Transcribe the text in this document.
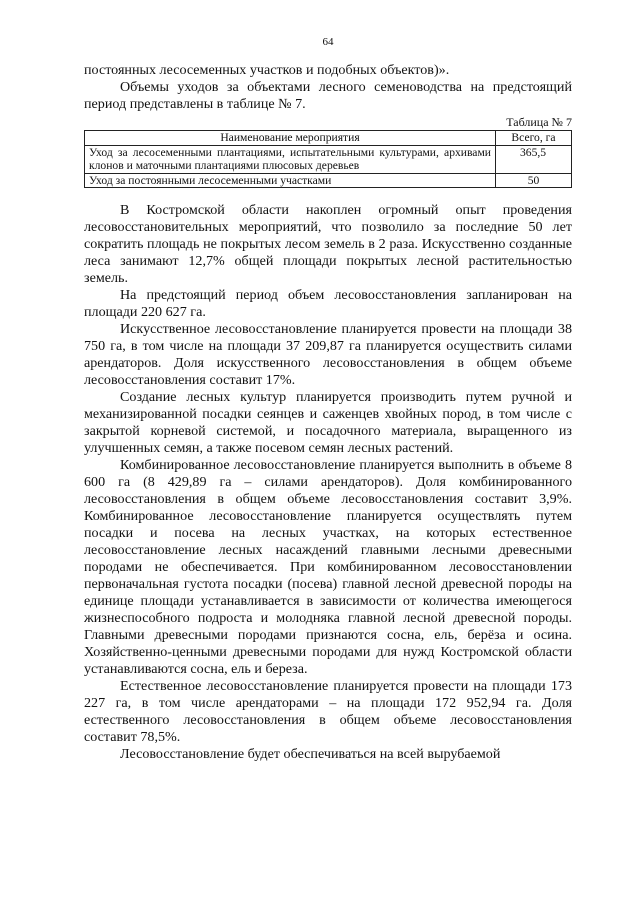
64

постоянных лесосеменных участков и подобных объектов)».

Объемы уходов за объектами лесного семеноводства на предстоящий период представлены в таблице № 7.

Таблица № 7
Наименование мероприятия	Всего, га
Уход за лесосеменными плантациями, испытательными культурами, архивами клонов и маточными плантациями плюсовых деревьев	365,5
Уход за постоянными лесосеменными участками	50

В Костромской области накоплен огромный опыт проведения лесовосстановительных мероприятий, что позволило за последние 50 лет сократить площадь не покрытых лесом земель в 2 раза. Искусственно созданные леса занимают 12,7% общей площади покрытых лесной растительностью земель.

На предстоящий период объем лесовосстановления запланирован на площади 220 627 га.

Искусственное лесовосстановление планируется провести на площади 38 750 га, в том числе на площади 37 209,87 га планируется осуществить силами арендаторов. Доля искусственного лесовосстановления в общем объеме лесовосстановления составит 17%.

Создание лесных культур планируется производить путем ручной и механизированной посадки сеянцев и саженцев хвойных пород, в том числе с закрытой корневой системой, и посадочного материала, выращенного из улучшенных семян, а также посевом семян лесных растений.

Комбинированное лесовосстановление планируется выполнить в объеме 8 600 га (8 429,89 га – силами арендаторов). Доля комбинированного лесовосстановления в общем объеме лесовосстановления составит 3,9%. Комбинированное лесовосстановление планируется осуществлять путем посадки и посева на лесных участках, на которых естественное лесовосстановление лесных насаждений главными лесными древесными породами не обеспечивается. При комбинированном лесовосстановлении первоначальная густота посадки (посева) главной лесной древесной породы на единице площади устанавливается в зависимости от количества имеющегося жизнеспособного подроста и молодняка главной лесной древесной породы. Главными древесными породами признаются сосна, ель, берёза и осина. Хозяйственно-ценными древесными породами для нужд Костромской области устанавливаются сосна, ель и береза.

Естественное лесовосстановление планируется провести на площади 173 227 га, в том числе арендаторами – на площади 172 952,94 га. Доля естественного лесовосстановления в общем объеме лесовосстановления составит 78,5%.

Лесовосстановление будет обеспечиваться на всей вырубаемой
